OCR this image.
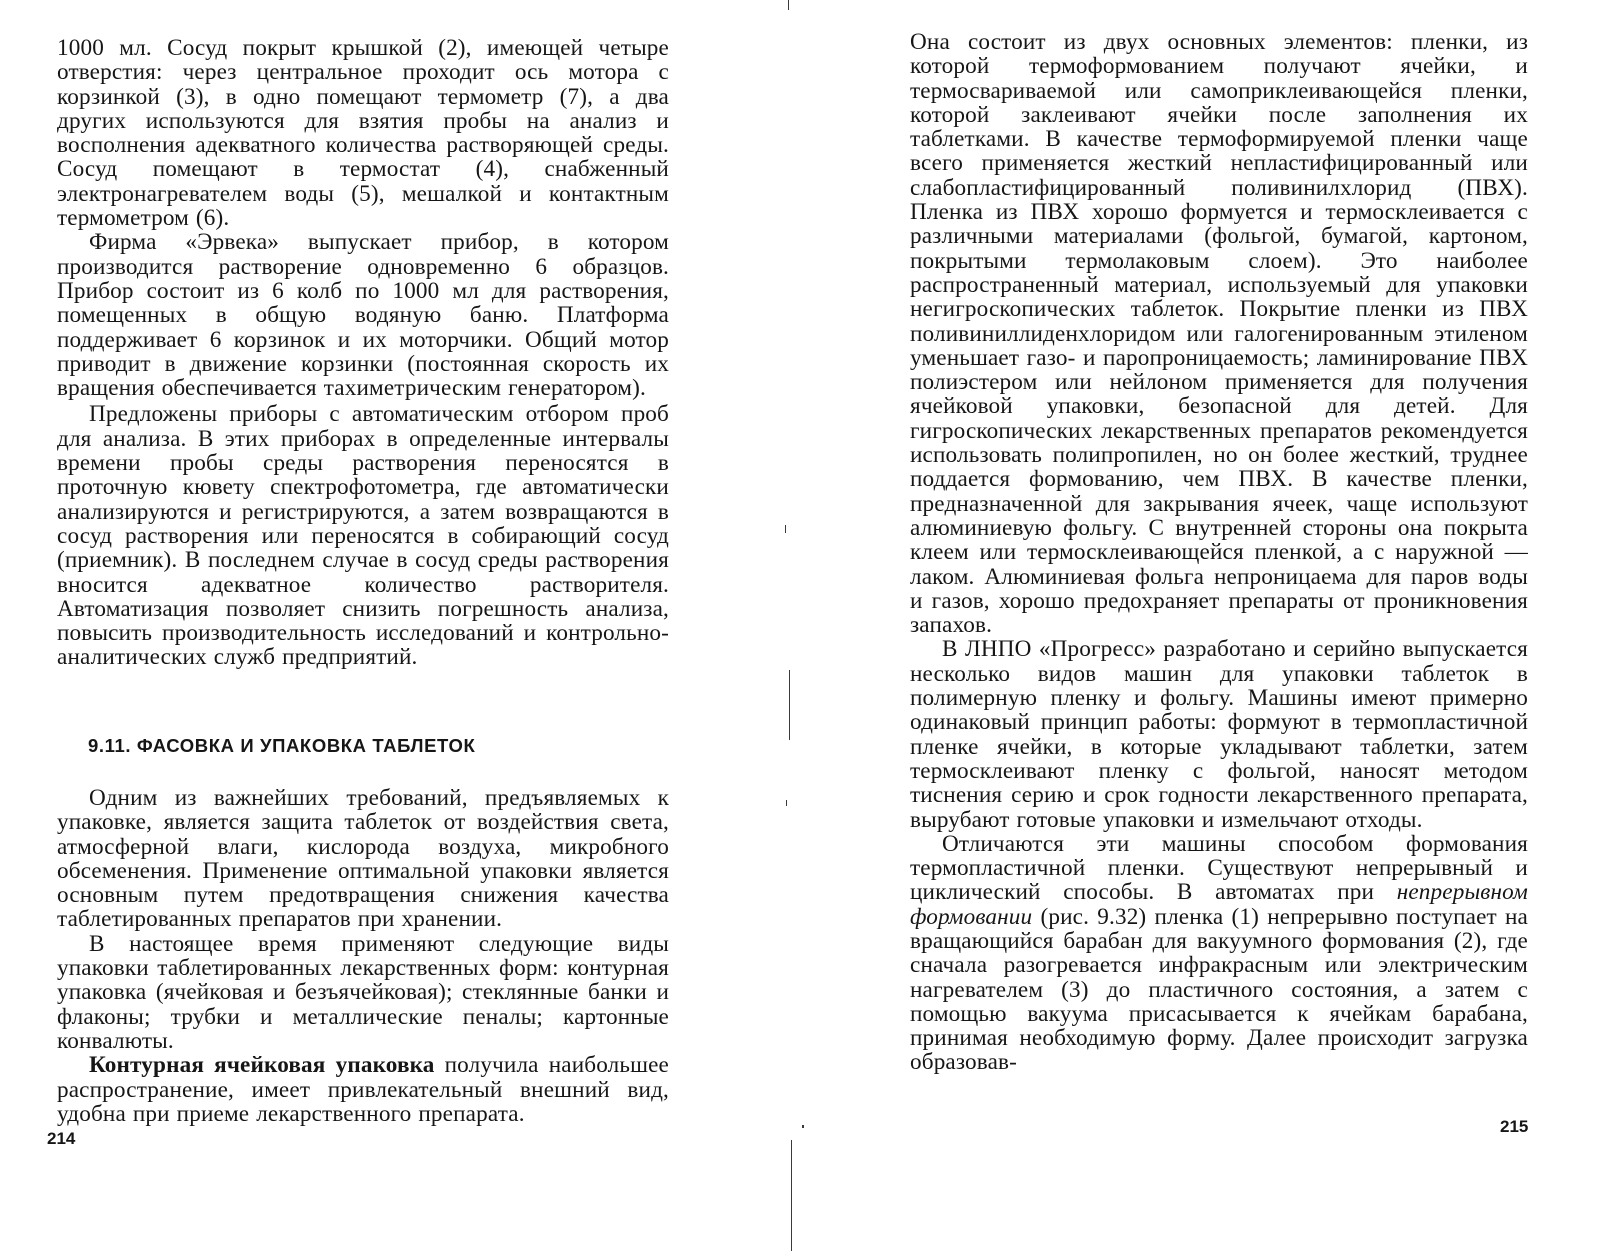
1000 мл. Сосуд покрыт крышкой (2), имеющей четыре отверстия: через центральное проходит ось мотора с корзинкой (3), в одно помещают термометр (7), а два других используются для взятия пробы на анализ и восполнения адекватного количества растворяющей среды. Сосуд помещают в термостат (4), снабженный электронагревателем воды (5), мешалкой и контактным термометром (6).

Фирма «Эрвека» выпускает прибор, в котором производится растворение одновременно 6 образцов. Прибор состоит из 6 колб по 1000 мл для растворения, помещенных в общую водяную баню. Платформа поддерживает 6 корзинок и их моторчики. Общий мотор приводит в движение корзинки (постоянная скорость их вращения обеспечивается тахиметрическим генератором).

Предложены приборы с автоматическим отбором проб для анализа. В этих приборах в определенные интервалы времени пробы среды растворения переносятся в проточную кювету спектрофотометра, где автоматически анализируются и регистрируются, а затем возвращаются в сосуд растворения или переносятся в собирающий сосуд (приемник). В последнем случае в сосуд среды растворения вносится адекватное количество растворителя. Автоматизация позволяет снизить погрешность анализа, повысить производительность исследований и контрольно-аналитических служб предприятий.

9.11. ФАСОВКА И УПАКОВКА ТАБЛЕТОК

Одним из важнейших требований, предъявляемых к упаковке, является защита таблеток от воздействия света, атмосферной влаги, кислорода воздуха, микробного обсеменения. Применение оптимальной упаковки является основным путем предотвращения снижения качества таблетированных препаратов при хранении.

В настоящее время применяют следующие виды упаковки таблетированных лекарственных форм: контурная упаковка (ячейковая и безъячейковая); стеклянные банки и флаконы; трубки и металлические пеналы; картонные конвалюты.

Контурная ячейковая упаковка получила наибольшее распространение, имеет привлекательный внешний вид, удобна при приеме лекарственного препарата.

214

Она состоит из двух основных элементов: пленки, из которой термоформованием получают ячейки, и термосвариваемой или самоприклеивающейся пленки, которой заклеивают ячейки после заполнения их таблетками. В качестве термоформируемой пленки чаще всего применяется жесткий непластифицированный или слабопластифицированный поливинилхлорид (ПВХ). Пленка из ПВХ хорошо формуется и термосклеивается с различными материалами (фольгой, бумагой, картоном, покрытыми термолаковым слоем). Это наиболее распространенный материал, используемый для упаковки негигроскопических таблеток. Покрытие пленки из ПВХ поливиниллиденхлоридом или галогенированным этиленом уменьшает газо- и паропроницаемость; ламинирование ПВХ полиэстером или нейлоном применяется для получения ячейковой упаковки, безопасной для детей. Для гигроскопических лекарственных препаратов рекомендуется использовать полипропилен, но он более жесткий, труднее поддается формованию, чем ПВХ. В качестве пленки, предназначенной для закрывания ячеек, чаще используют алюминиевую фольгу. С внутренней стороны она покрыта клеем или термосклеивающейся пленкой, а с наружной — лаком. Алюминиевая фольга непроницаема для паров воды и газов, хорошо предохраняет препараты от проникновения запахов.

В ЛНПО «Прогресс» разработано и серийно выпускается несколько видов машин для упаковки таблеток в полимерную пленку и фольгу. Машины имеют примерно одинаковый принцип работы: формуют в термопластичной пленке ячейки, в которые укладывают таблетки, затем термосклеивают пленку с фольгой, наносят методом тиснения серию и срок годности лекарственного препарата, вырубают готовые упаковки и измельчают отходы.

Отличаются эти машины способом формования термопластичной пленки. Существуют непрерывный и циклический способы. В автоматах при непрерывном формовании (рис. 9.32) пленка (1) непрерывно поступает на вращающийся барабан для вакуумного формования (2), где сначала разогревается инфракрасным или электрическим нагревателем (3) до пластичного состояния, а затем с помощью вакуума присасывается к ячейкам барабана, принимая необходимую форму. Далее происходит загрузка образовав-

215
